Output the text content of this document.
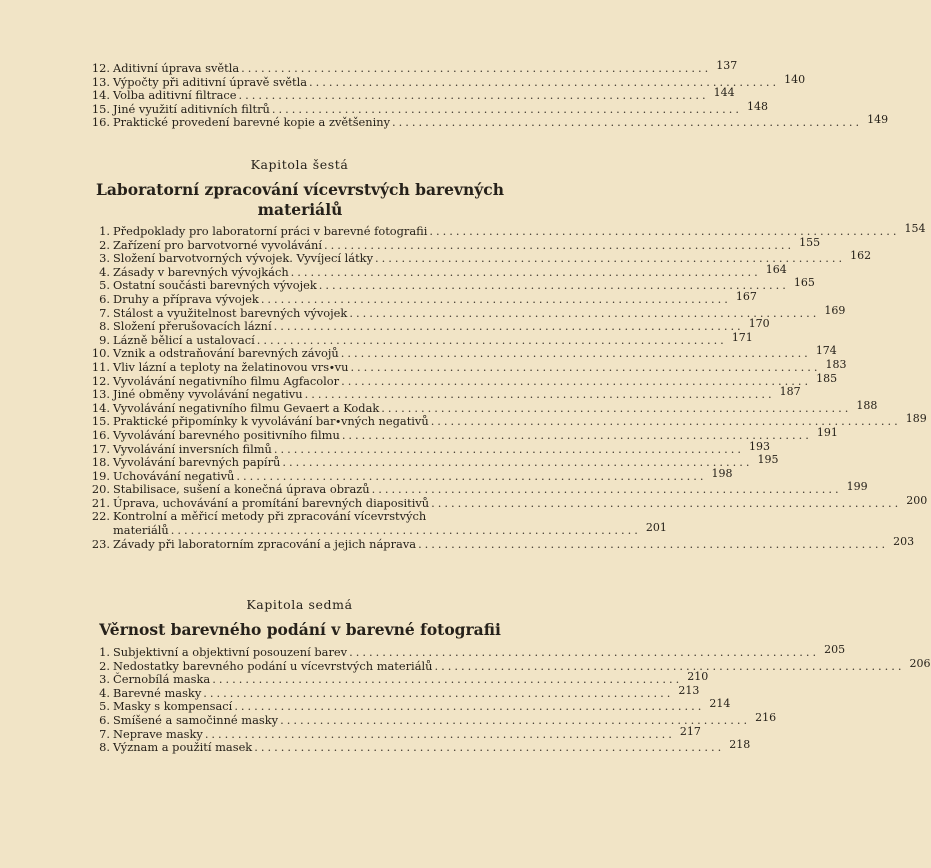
12. Aditivní úprava světla ....................................................................... 137
13. Výpočty při aditivní úpravě světla ....................................................................... 140
14. Volba aditivní filtrace ....................................................................... 144
15. Jiné využití aditivních filtrů ....................................................................... 148
16. Praktické provedení barevné kopie a zvětšeniny ....................................................................... 149
Kapitola šestá
Laboratorní zpracování vícevrstvých barevných
materiálů
1. Předpoklady pro laboratorní práci v barevné fotografii ....................................................................... 154
2. Zařízení pro barvotvorné vyvolávání ....................................................................... 155
3. Složení barvotvorných vývojek. Vyvíjecí látky ....................................................................... 162
4. Zásady v barevných vývojkách ....................................................................... 164
5. Ostatní součásti barevných vývojek ....................................................................... 165
6. Druhy a příprava vývojek ....................................................................... 167
7. Stálost a využitelnost barevných vývojek ....................................................................... 169
8. Složení přerušovacích lázní ....................................................................... 170
9. Lázně bělicí a ustalovací ....................................................................... 171
10. Vznik a odstraňování barevných závojů ....................................................................... 174
11. Vliv lázní a teploty na želatinovou vrs∙vu ....................................................................... 183
12. Vyvolávání negativního filmu Agfacolor ....................................................................... 185
13. Jiné obměny vyvolávání negativu ....................................................................... 187
14. Vyvolávání negativního filmu Gevaert a Kodak ....................................................................... 188
15. Praktické připomínky k vyvolávání bar∙vných negativů ....................................................................... 189
16. Vyvolávání barevného positivního filmu ....................................................................... 191
17. Vyvolávání inversních filmů ....................................................................... 193
18. Vyvolávání barevných papírů ....................................................................... 195
19. Uchovávání negativů ....................................................................... 198
20. Stabilisace, sušení a konečná úprava obrazů ....................................................................... 199
21. Úprava, uchovávání a promítání barevných diapositivů ....................................................................... 200
22. Kontrolní a měřicí metody při zpracování vícevrstvých
materiálů ....................................................................... 201
23. Závady při laboratorním zpracování a jejich náprava ....................................................................... 203
Kapitola sedmá
Věrnost barevného podání v barevné fotografii
1. Subjektivní a objektivní posouzení barev ....................................................................... 205
2. Nedostatky barevného podání u vícevrstvých materiálů ....................................................................... 206
3. Černobílá maska ....................................................................... 210
4. Barevné masky ....................................................................... 213
5. Masky s kompensací ....................................................................... 214
6. Smíšené a samočinné masky ....................................................................... 216
7. Neprave masky ....................................................................... 217
8. Význam a použití masek ....................................................................... 218
